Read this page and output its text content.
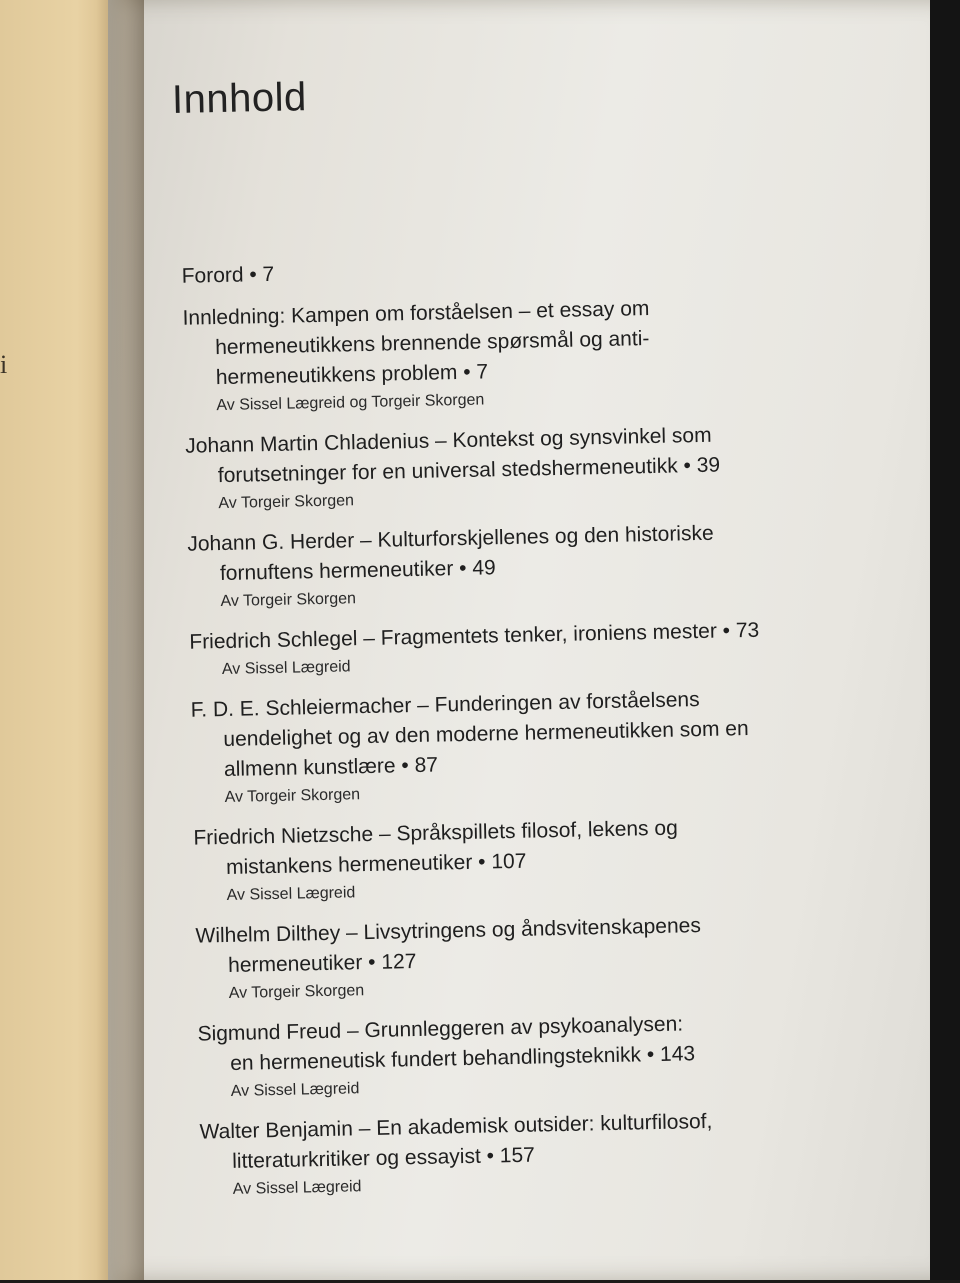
i
Innhold
Forord • 7
Innledning: Kampen om forståelsen – et essay om
hermeneutikkens brennende spørsmål og anti-
hermeneutikkens problem • 7
Av Sissel Lægreid og Torgeir Skorgen
Johann Martin Chladenius – Kontekst og synsvinkel som
forutsetninger for en universal stedshermeneutikk • 39
Av Torgeir Skorgen
Johann G. Herder – Kulturforskjellenes og den historiske
fornuftens hermeneutiker • 49
Av Torgeir Skorgen
Friedrich Schlegel – Fragmentets tenker, ironiens mester • 73
Av Sissel Lægreid
F. D. E. Schleiermacher – Funderingen av forståelsens
uendelighet og av den moderne hermeneutikken som en
allmenn kunstlære • 87
Av Torgeir Skorgen
Friedrich Nietzsche – Språkspillets filosof, lekens og
mistankens hermeneutiker • 107
Av Sissel Lægreid
Wilhelm Dilthey – Livsytringens og åndsvitenskapenes
hermeneutiker • 127
Av Torgeir Skorgen
Sigmund Freud – Grunnleggeren av psykoanalysen:
en hermeneutisk fundert behandlingsteknikk • 143
Av Sissel Lægreid
Walter Benjamin – En akademisk outsider: kulturfilosof,
litteraturkritiker og essayist • 157
Av Sissel Lægreid
